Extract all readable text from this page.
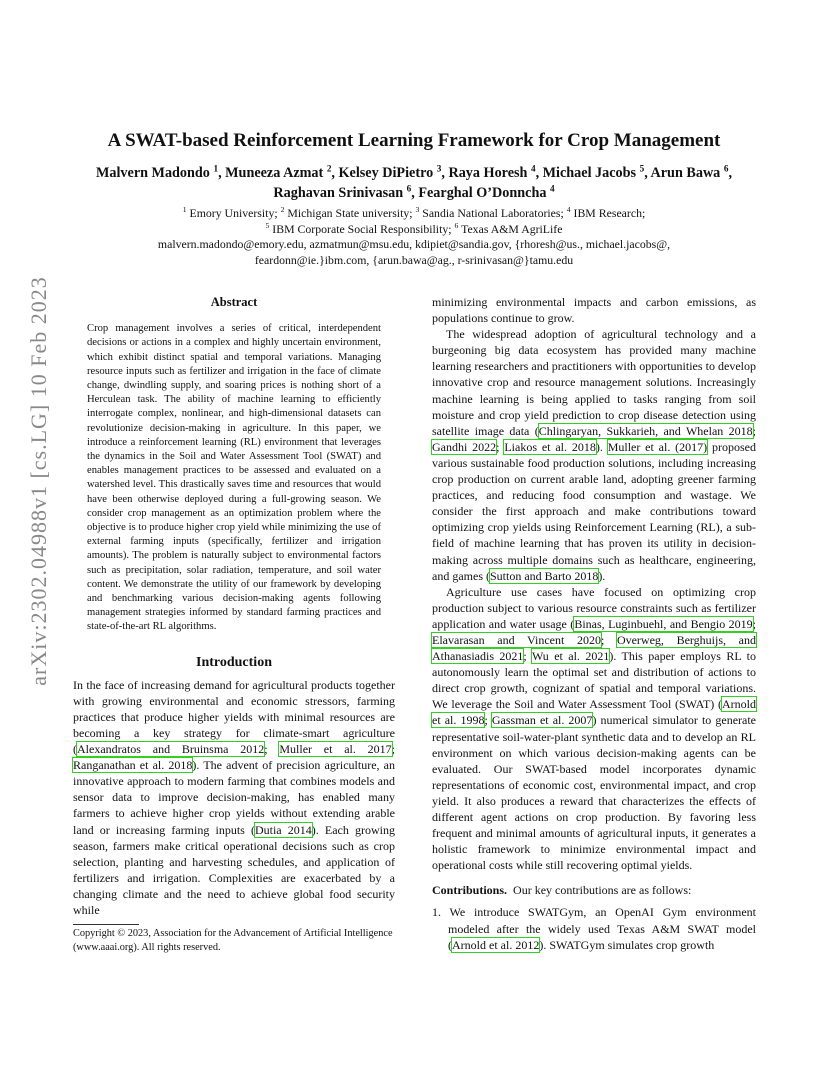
arXiv:2302.04988v1 [cs.LG] 10 Feb 2023
A SWAT-based Reinforcement Learning Framework for Crop Management
Malvern Madondo $^1$, Muneeza Azmat $^2$, Kelsey DiPietro $^3$, Raya Horesh $^4$, Michael Jacobs $^5$, Arun Bawa $^6$, Raghavan Srinivasan $^6$, Fearghal O’Donncha $^4$
$^1$ Emory University; $^2$ Michigan State university; $^3$ Sandia National Laboratories; $^4$ IBM Research;
$^5$ IBM Corporate Social Responsibility; $^6$ Texas A&M AgriLife
malvern.madondo@emory.edu, azmatmun@msu.edu, kdipiet@sandia.gov, {rhoresh@us., michael.jacobs@,
feardonn@ie.}ibm.com, {arun.bawa@ag., r-srinivasan@}tamu.edu
Abstract

Crop management involves a series of critical, interdependent decisions or actions in a complex and highly uncertain environment, which exhibit distinct spatial and temporal variations. Managing resource inputs such as fertilizer and irrigation in the face of climate change, dwindling supply, and soaring prices is nothing short of a Herculean task. The ability of machine learning to efficiently interrogate complex, nonlinear, and high-dimensional datasets can revolutionize decision-making in agriculture. In this paper, we introduce a reinforcement learning (RL) environment that leverages the dynamics in the Soil and Water Assessment Tool (SWAT) and enables management practices to be assessed and evaluated on a watershed level. This drastically saves time and resources that would have been otherwise deployed during a full-growing season. We consider crop management as an optimization problem where the objective is to produce higher crop yield while minimizing the use of external farming inputs (specifically, fertilizer and irrigation amounts). The problem is naturally subject to environmental factors such as precipitation, solar radiation, temperature, and soil water content. We demonstrate the utility of our framework by developing and benchmarking various decision-making agents following management strategies informed by standard farming practices and state-of-the-art RL algorithms.

Introduction

In the face of increasing demand for agricultural products together with growing environmental and economic stressors, farming practices that produce higher yields with minimal resources are becoming a key strategy for climate-smart agriculture (Alexandratos and Bruinsma 2012; Muller et al. 2017; Ranganathan et al. 2018). The advent of precision agriculture, an innovative approach to modern farming that combines models and sensor data to improve decision-making, has enabled many farmers to achieve higher crop yields without extending arable land or increasing farming inputs (Dutia 2014). Each growing season, farmers make critical operational decisions such as crop selection, planting and harvesting schedules, and application of fertilizers and irrigation. Complexities are exacerbated by a changing climate and the need to achieve global food security while

Copyright © 2023, Association for the Advancement of Artificial Intelligence (www.aaai.org). All rights reserved.

minimizing environmental impacts and carbon emissions, as populations continue to grow.

The widespread adoption of agricultural technology and a burgeoning big data ecosystem has provided many machine learning researchers and practitioners with opportunities to develop innovative crop and resource management solutions. Increasingly machine learning is being applied to tasks ranging from soil moisture and crop yield prediction to crop disease detection using satellite image data (Chlingaryan, Sukkarieh, and Whelan 2018; Gandhi 2022; Liakos et al. 2018). Muller et al. (2017) proposed various sustainable food production solutions, including increasing crop production on current arable land, adopting greener farming practices, and reducing food consumption and wastage. We consider the first approach and make contributions toward optimizing crop yields using Reinforcement Learning (RL), a sub-field of machine learning that has proven its utility in decision-making across multiple domains such as healthcare, engineering, and games (Sutton and Barto 2018).

Agriculture use cases have focused on optimizing crop production subject to various resource constraints such as fertilizer application and water usage (Binas, Luginbuehl, and Bengio 2019; Elavarasan and Vincent 2020; Overweg, Berghuijs, and Athanasiadis 2021; Wu et al. 2021). This paper employs RL to autonomously learn the optimal set and distribution of actions to direct crop growth, cognizant of spatial and temporal variations. We leverage the Soil and Water Assessment Tool (SWAT) (Arnold et al. 1998; Gassman et al. 2007) numerical simulator to generate representative soil-water-plant synthetic data and to develop an RL environment on which various decision-making agents can be evaluated. Our SWAT-based model incorporates dynamic representations of economic cost, environmental impact, and crop yield. It also produces a reward that characterizes the effects of different agent actions on crop production. By favoring less frequent and minimal amounts of agricultural inputs, it generates a holistic framework to minimize environmental impact and operational costs while still recovering optimal yields.

Contributions. Our key contributions are as follows:

1. We introduce SWATGym, an OpenAI Gym environment modeled after the widely used Texas A&M SWAT model (Arnold et al. 2012). SWATGym simulates crop growth
